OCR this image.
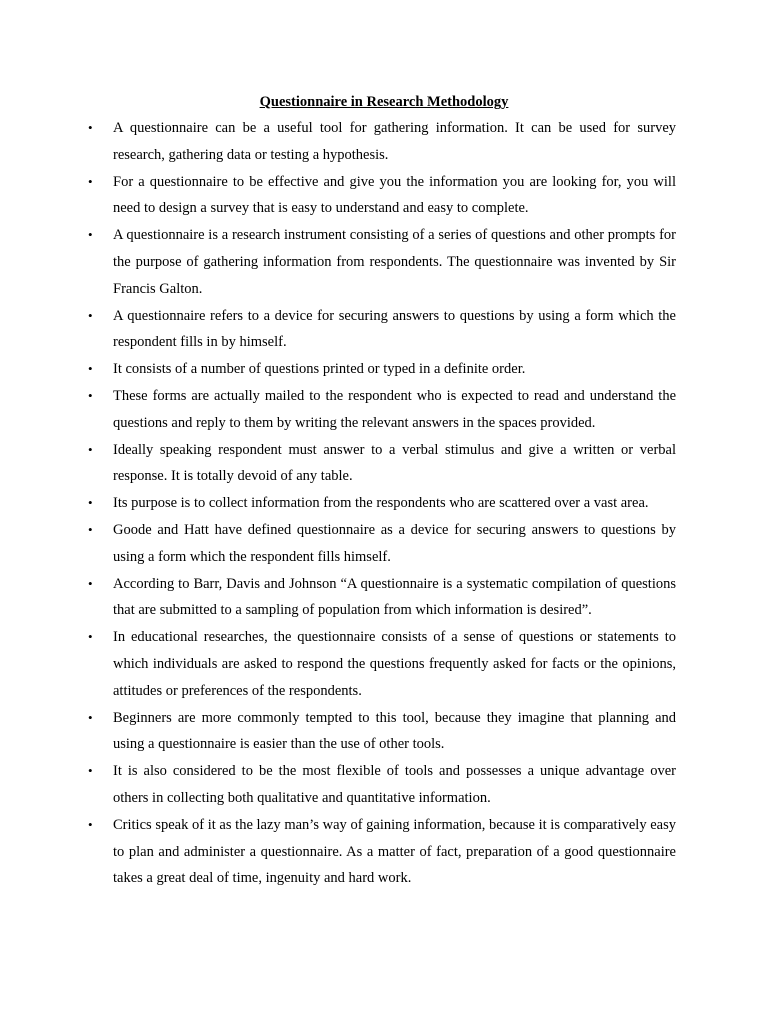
Questionnaire in Research Methodology
• A questionnaire can be a useful tool for gathering information. It can be used for survey research, gathering data or testing a hypothesis.
• For a questionnaire to be effective and give you the information you are looking for, you will need to design a survey that is easy to understand and easy to complete.
• A questionnaire is a research instrument consisting of a series of questions and other prompts for the purpose of gathering information from respondents. The questionnaire was invented by Sir Francis Galton.
• A questionnaire refers to a device for securing answers to questions by using a form which the respondent fills in by himself.
• It consists of a number of questions printed or typed in a definite order.
• These forms are actually mailed to the respondent who is expected to read and understand the questions and reply to them by writing the relevant answers in the spaces provided.
• Ideally speaking respondent must answer to a verbal stimulus and give a written or verbal response. It is totally devoid of any table.
• Its purpose is to collect information from the respondents who are scattered over a vast area.
• Goode and Hatt have defined questionnaire as a device for securing answers to questions by using a form which the respondent fills himself.
• According to Barr, Davis and Johnson “A questionnaire is a systematic compilation of questions that are submitted to a sampling of population from which information is desired”.
• In educational researches, the questionnaire consists of a sense of questions or statements to which individuals are asked to respond the questions frequently asked for facts or the opinions, attitudes or preferences of the respondents.
• Beginners are more commonly tempted to this tool, because they imagine that planning and using a questionnaire is easier than the use of other tools.
• It is also considered to be the most flexible of tools and possesses a unique advantage over others in collecting both qualitative and quantitative information.
• Critics speak of it as the lazy man’s way of gaining information, because it is comparatively easy to plan and administer a questionnaire. As a matter of fact, preparation of a good questionnaire takes a great deal of time, ingenuity and hard work.
